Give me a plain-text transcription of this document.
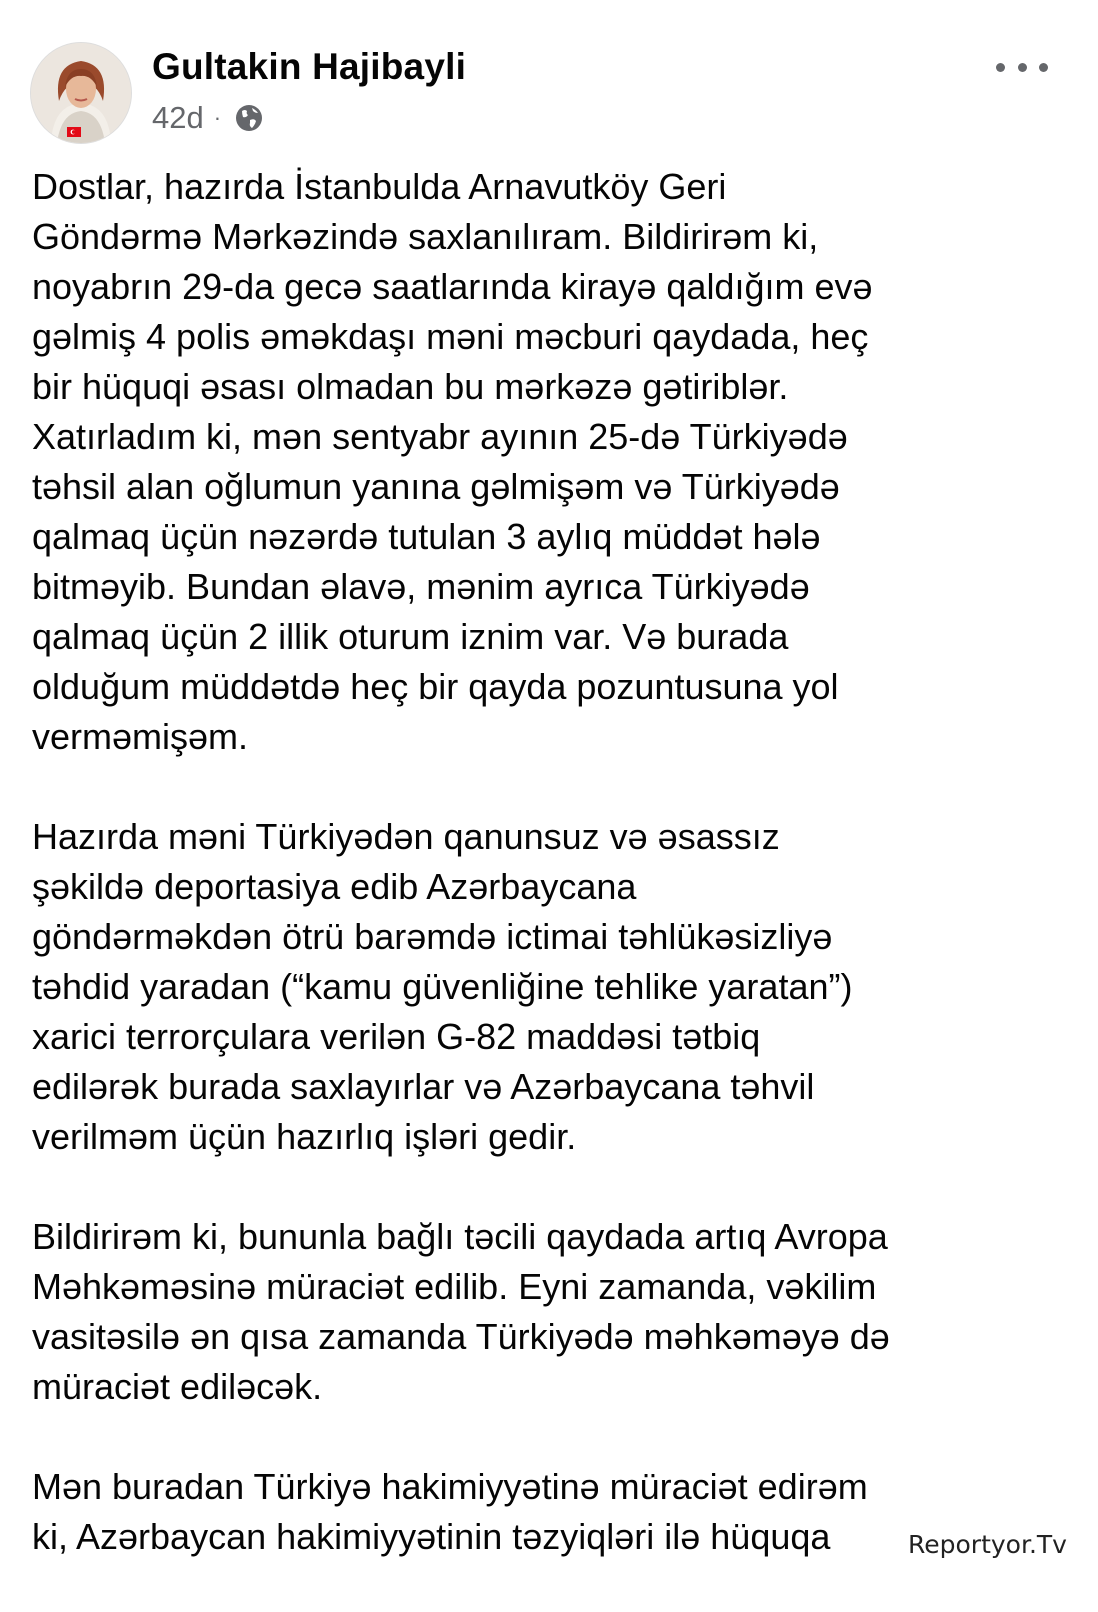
Gultakin Hajibayli
42d ·
Dostlar, hazırda İstanbulda Arnavutköy Geri
Göndərmə Mərkəzində saxlanılıram. Bildirirəm ki,
noyabrın 29-da gecə saatlarında kirayə qaldığım evə
gəlmiş 4 polis əməkdaşı məni məcburi qaydada, heç
bir hüquqi əsası olmadan bu mərkəzə gətiriblər.
Xatırladım ki, mən sentyabr ayının 25-də Türkiyədə
təhsil alan oğlumun yanına gəlmişəm və Türkiyədə
qalmaq üçün nəzərdə tutulan 3 aylıq müddət hələ
bitməyib. Bundan əlavə, mənim ayrıca Türkiyədə
qalmaq üçün 2 illik oturum iznim var. Və burada
olduğum müddətdə heç bir qayda pozuntusuna yol
verməmişəm.
Hazırda məni Türkiyədən qanunsuz və əsassız
şəkildə deportasiya edib Azərbaycana
göndərməkdən ötrü barəmdə ictimai təhlükəsizliyə
təhdid yaradan (“kamu güvenliğine tehlike yaratan”)
xarici terrorçulara verilən G-82 maddəsi tətbiq
edilərək burada saxlayırlar və Azərbaycana təhvil
verilməm üçün hazırlıq işləri gedir.
Bildirirəm ki, bununla bağlı təcili qaydada artıq Avropa
Məhkəməsinə müraciət edilib. Eyni zamanda, vəkilim
vasitəsilə ən qısa zamanda Türkiyədə məhkəməyə də
müraciət ediləcək.
Mən buradan Türkiyə hakimiyyətinə müraciət edirəm
ki, Azərbaycan hakimiyyətinin təzyiqləri ilə hüquqa	Reportyor.Tv
